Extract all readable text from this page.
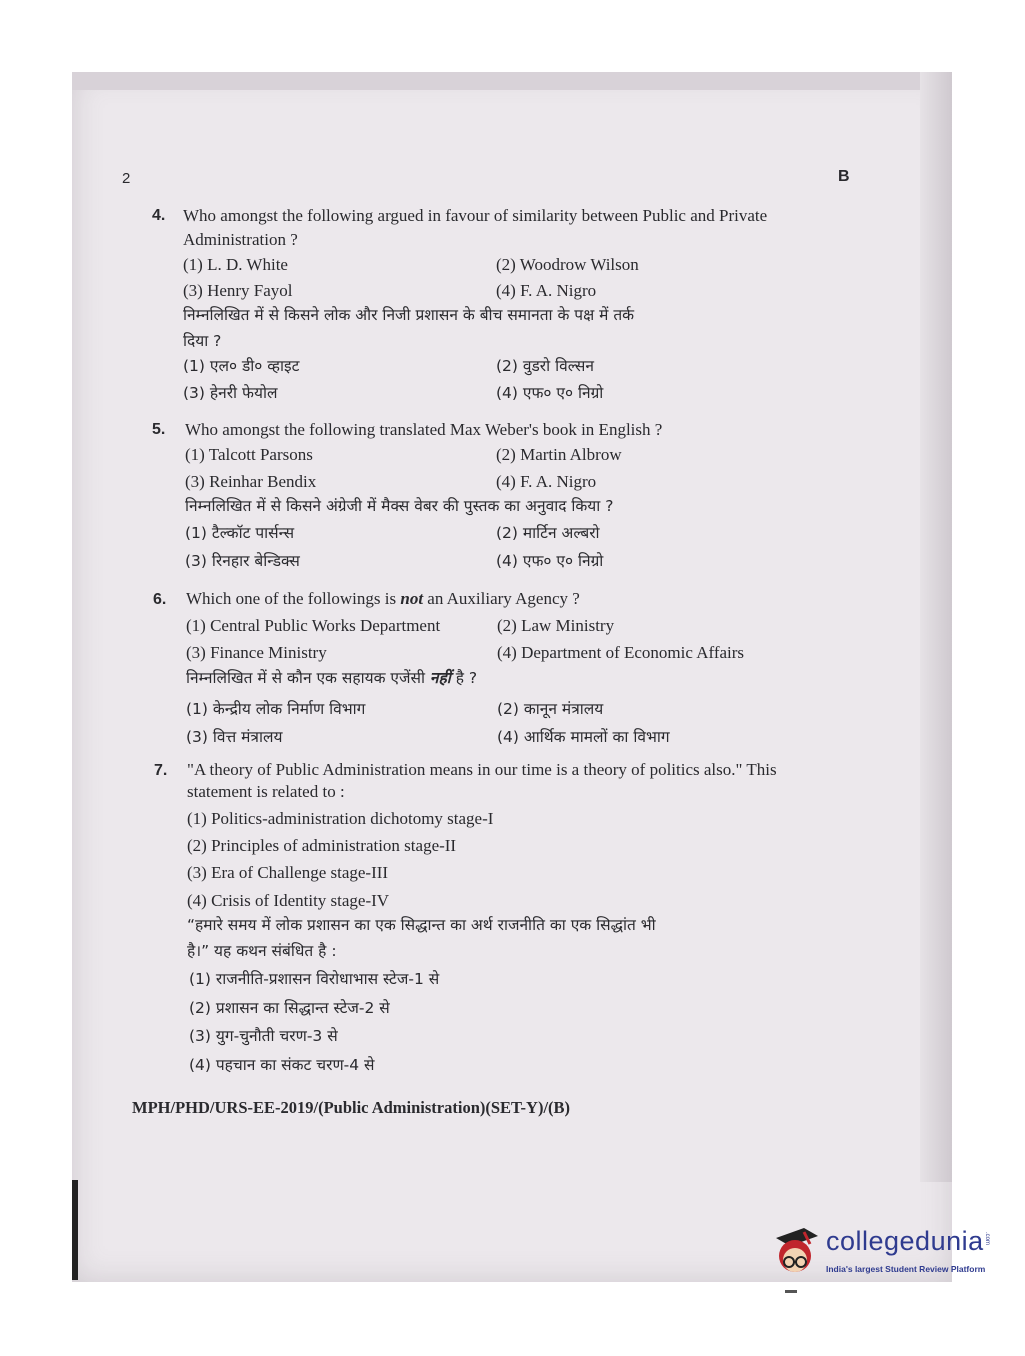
2	B
4. Who amongst the following argued in favour of similarity between Public and Private
Administration ?
(1) L. D. White	(2) Woodrow Wilson
(3) Henry Fayol	(4) F. A. Nigro
निम्नलिखित में से किसने लोक और निजी प्रशासन के बीच समानता के पक्ष में तर्क
दिया ?
(1) एल० डी० व्हाइट	(2) वुडरो विल्सन
(3) हेनरी फेयोल	(4) एफ० ए० निग्रो
5. Who amongst the following translated Max Weber's book in English ?
(1) Talcott Parsons	(2) Martin Albrow
(3) Reinhar Bendix	(4) F. A. Nigro
निम्नलिखित में से किसने अंग्रेजी में मैक्स वेबर की पुस्तक का अनुवाद किया ?
(1) टैल्कॉट पार्सन्स	(2) मार्टिन अल्बरो
(3) रिनहार बेन्डिक्स	(4) एफ० ए० निग्रो
6. Which one of the followings is not an Auxiliary Agency ?
(1) Central Public Works Department	(2) Law Ministry
(3) Finance Ministry	(4) Department of Economic Affairs
निम्नलिखित में से कौन एक सहायक एजेंसी नहीं है ?
(1) केन्द्रीय लोक निर्माण विभाग	(2) कानून मंत्रालय
(3) वित्त मंत्रालय	(4) आर्थिक मामलों का विभाग
7. "A theory of Public Administration means in our time is a theory of politics also." This
statement is related to :
(1) Politics-administration dichotomy stage-I
(2) Principles of administration stage-II
(3) Era of Challenge stage-III
(4) Crisis of Identity stage-IV
“हमारे समय में लोक प्रशासन का एक सिद्धान्त का अर्थ राजनीति का एक सिद्धांत भी
है।” यह कथन संबंधित है :
(1) राजनीति-प्रशासन विरोधाभास स्टेज-1 से
(2) प्रशासन का सिद्धान्त स्टेज-2 से
(3) युग-चुनौती चरण-3 से
(4) पहचान का संकट चरण-4 से
MPH/PHD/URS-EE-2019/(Public Administration)(SET-Y)/(B)
collegedunia .com
India's largest Student Review Platform
